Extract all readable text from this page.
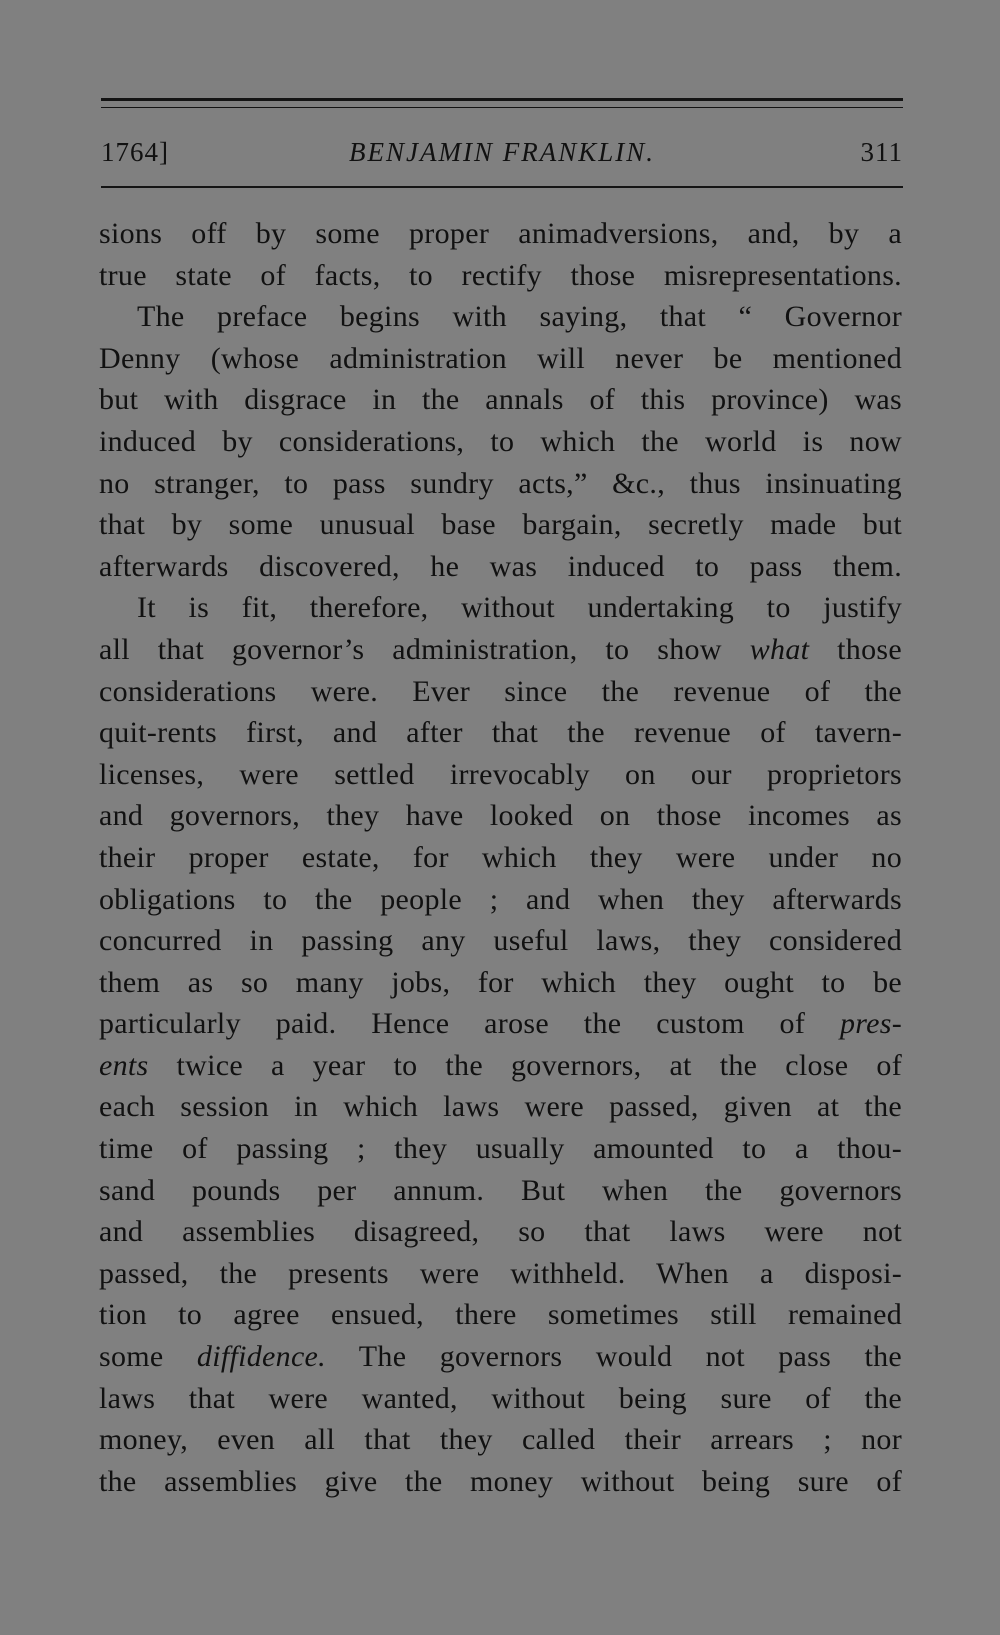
1764]	BENJAMIN FRANKLIN.	311
sions off by some proper animadversions, and, by a
true state of facts, to rectify those misrepresentations.
The preface begins with saying, that “ Governor
Denny (whose administration will never be mentioned
but with disgrace in the annals of this province) was
induced by considerations, to which the world is now
no stranger, to pass sundry acts,” &c., thus insinuating
that by some unusual base bargain, secretly made but
afterwards discovered, he was induced to pass them.
It is fit, therefore, without undertaking to justify
all that governor’s administration, to show what those
considerations were. Ever since the revenue of the
quit-rents first, and after that the revenue of tavern-
licenses, were settled irrevocably on our proprietors
and governors, they have looked on those incomes as
their proper estate, for which they were under no
obligations to the people ; and when they afterwards
concurred in passing any useful laws, they considered
them as so many jobs, for which they ought to be
particularly paid. Hence arose the custom of pres-
ents twice a year to the governors, at the close of
each session in which laws were passed, given at the
time of passing ; they usually amounted to a thou-
sand pounds per annum. But when the governors
and assemblies disagreed, so that laws were not
passed, the presents were withheld. When a disposi-
tion to agree ensued, there sometimes still remained
some diffidence. The governors would not pass the
laws that were wanted, without being sure of the
money, even all that they called their arrears ; nor
the assemblies give the money without being sure of
